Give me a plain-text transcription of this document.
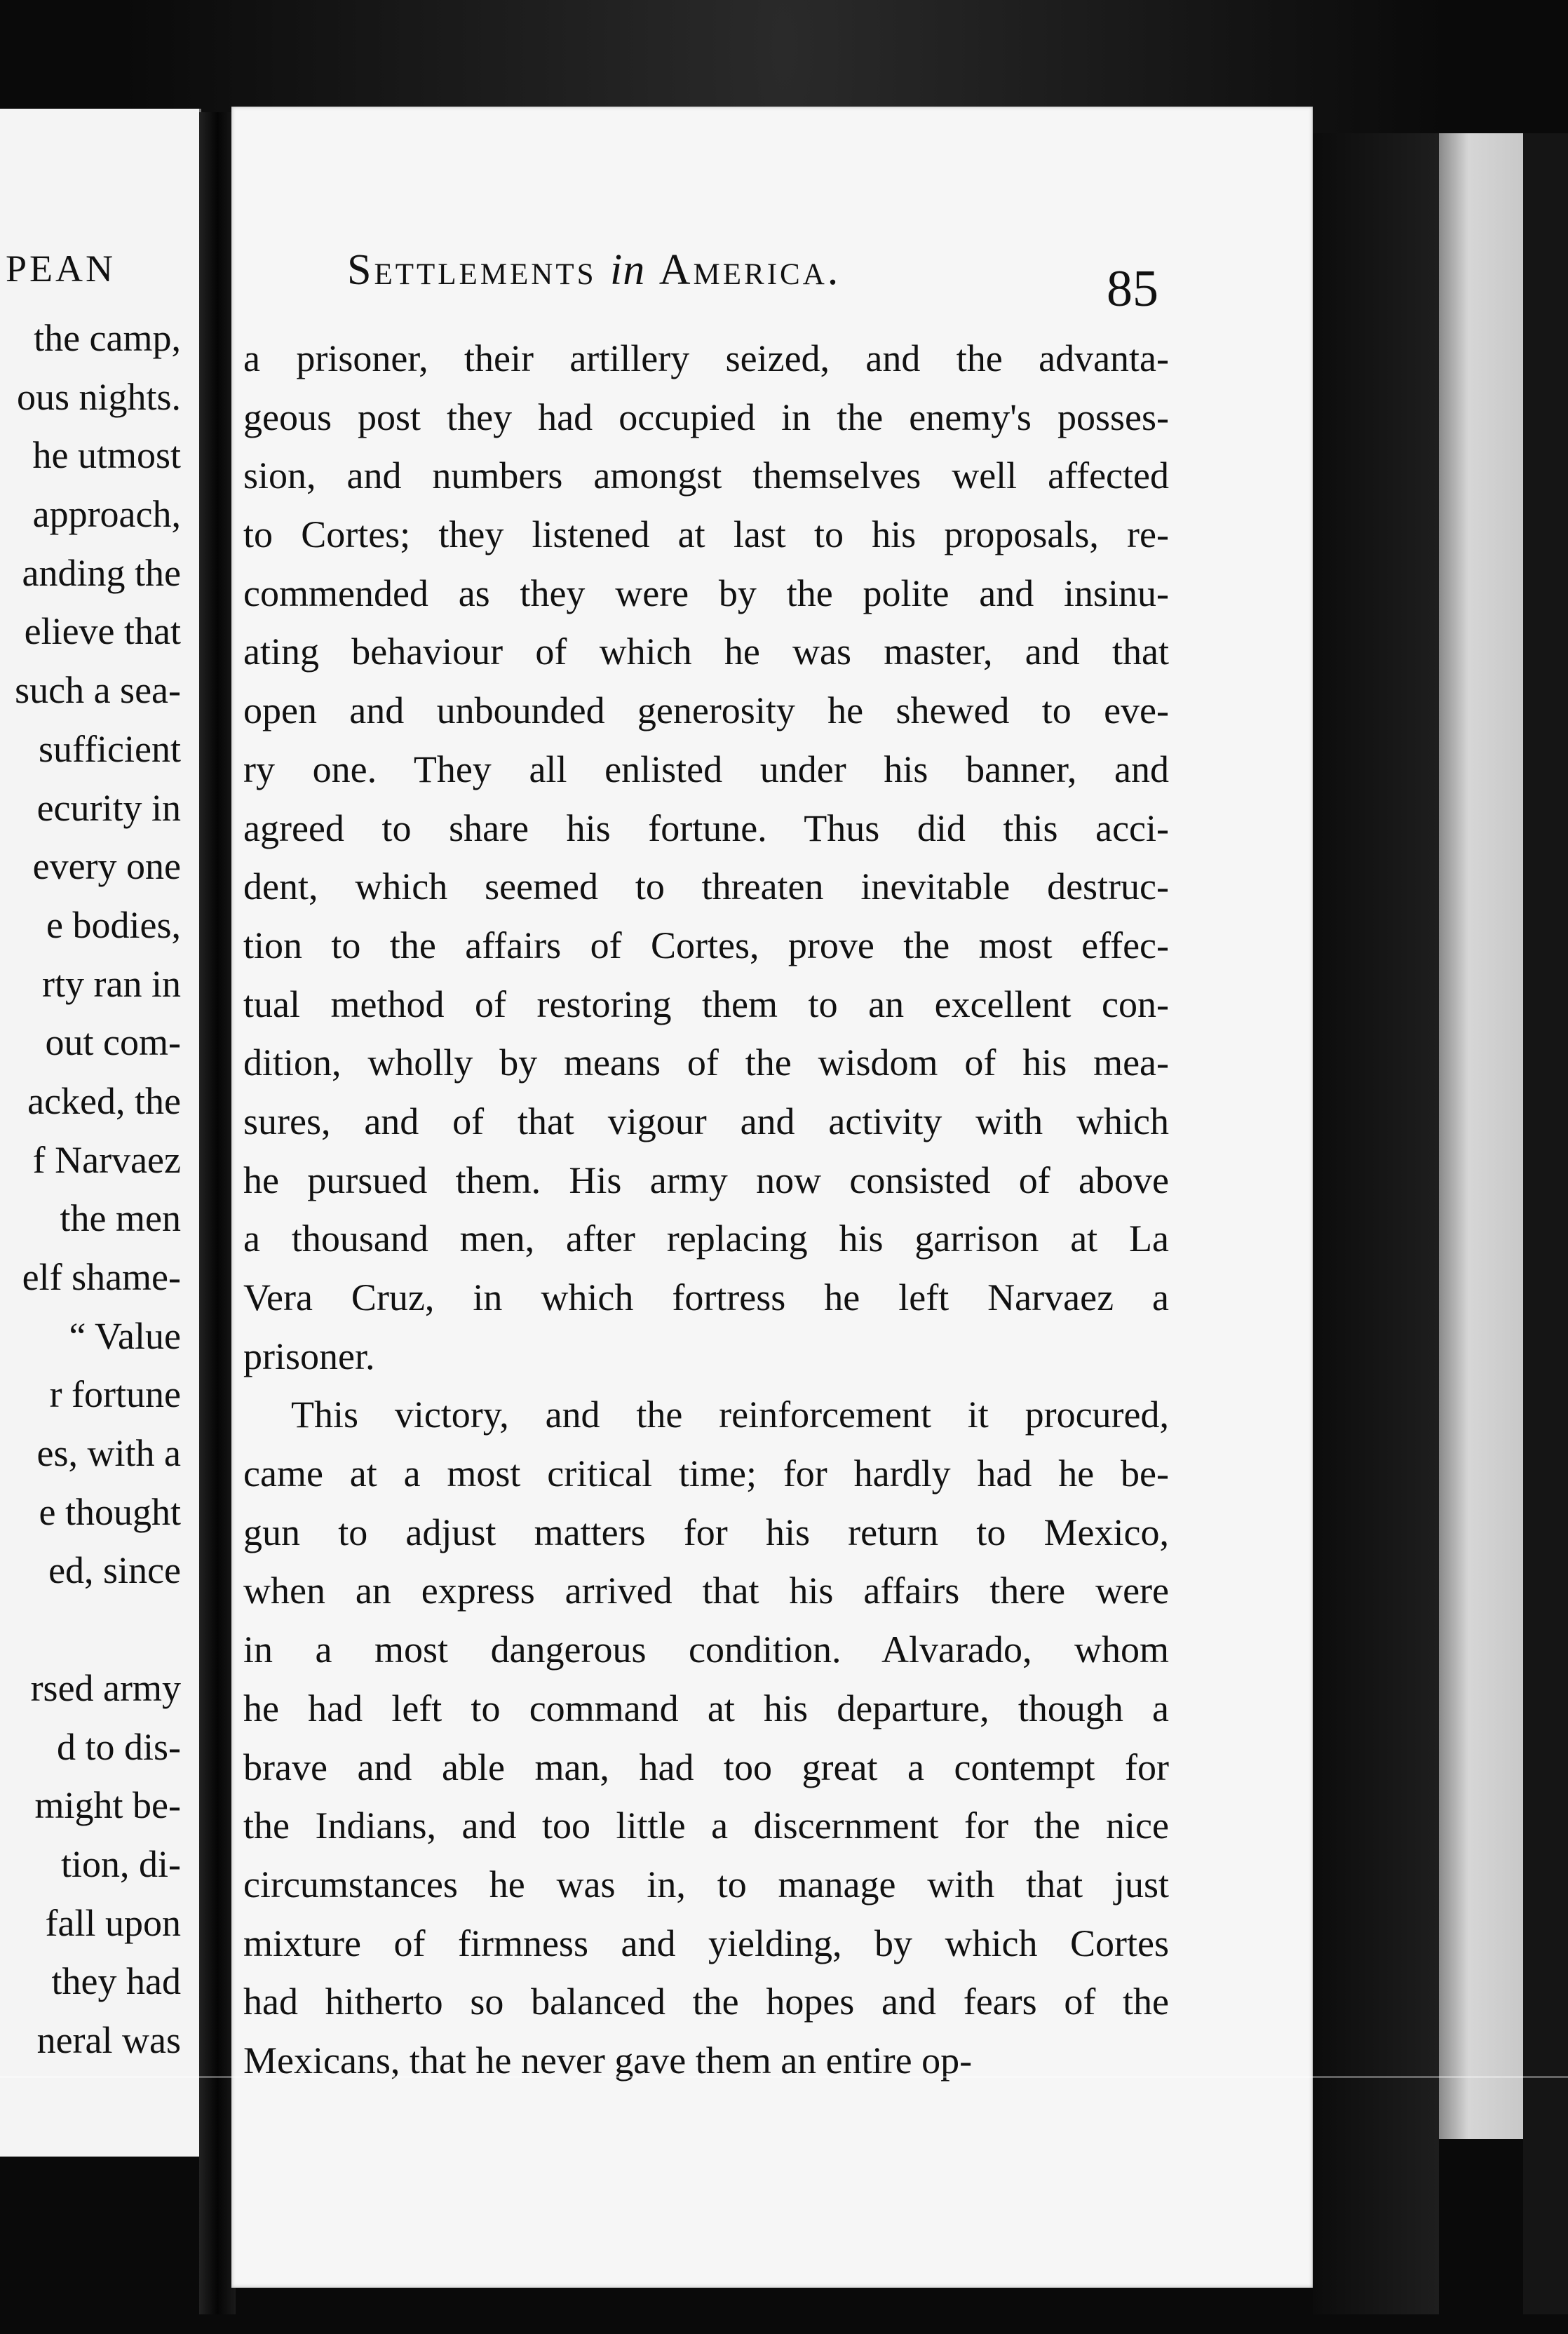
PEAN
the camp,
ous nights.
he utmost
approach,
anding the
elieve that
such a sea-
sufficient
ecurity in
every one
e bodies,
rty ran in
out com-
acked, the
f Narvaez
the men
elf shame-
“ Value
r fortune
es, with a
e thought
ed, since
rsed army
d to dis-
might be-
tion, di-
fall upon
they had
neral was
Settlements in America.	85
a prisoner, their artillery seized, and the advanta-
geous post they had occupied in the enemy's posses-
sion, and numbers amongst themselves well affected
to Cortes; they listened at last to his proposals, re-
commended as they were by the polite and insinu-
ating behaviour of which he was master, and that
open and unbounded generosity he shewed to eve-
ry one. They all enlisted under his banner, and
agreed to share his fortune. Thus did this acci-
dent, which seemed to threaten inevitable destruc-
tion to the affairs of Cortes, prove the most effec-
tual method of restoring them to an excellent con-
dition, wholly by means of the wisdom of his mea-
sures, and of that vigour and activity with which
he pursued them. His army now consisted of above
a thousand men, after replacing his garrison at La
Vera Cruz, in which fortress he left Narvaez a
prisoner.
This victory, and the reinforcement it procured,
came at a most critical time; for hardly had he be-
gun to adjust matters for his return to Mexico,
when an express arrived that his affairs there were
in a most dangerous condition. Alvarado, whom
he had left to command at his departure, though a
brave and able man, had too great a contempt for
the Indians, and too little a discernment for the nice
circumstances he was in, to manage with that just
mixture of firmness and yielding, by which Cortes
had hitherto so balanced the hopes and fears of the
Mexicans, that he never gave them an entire op-
